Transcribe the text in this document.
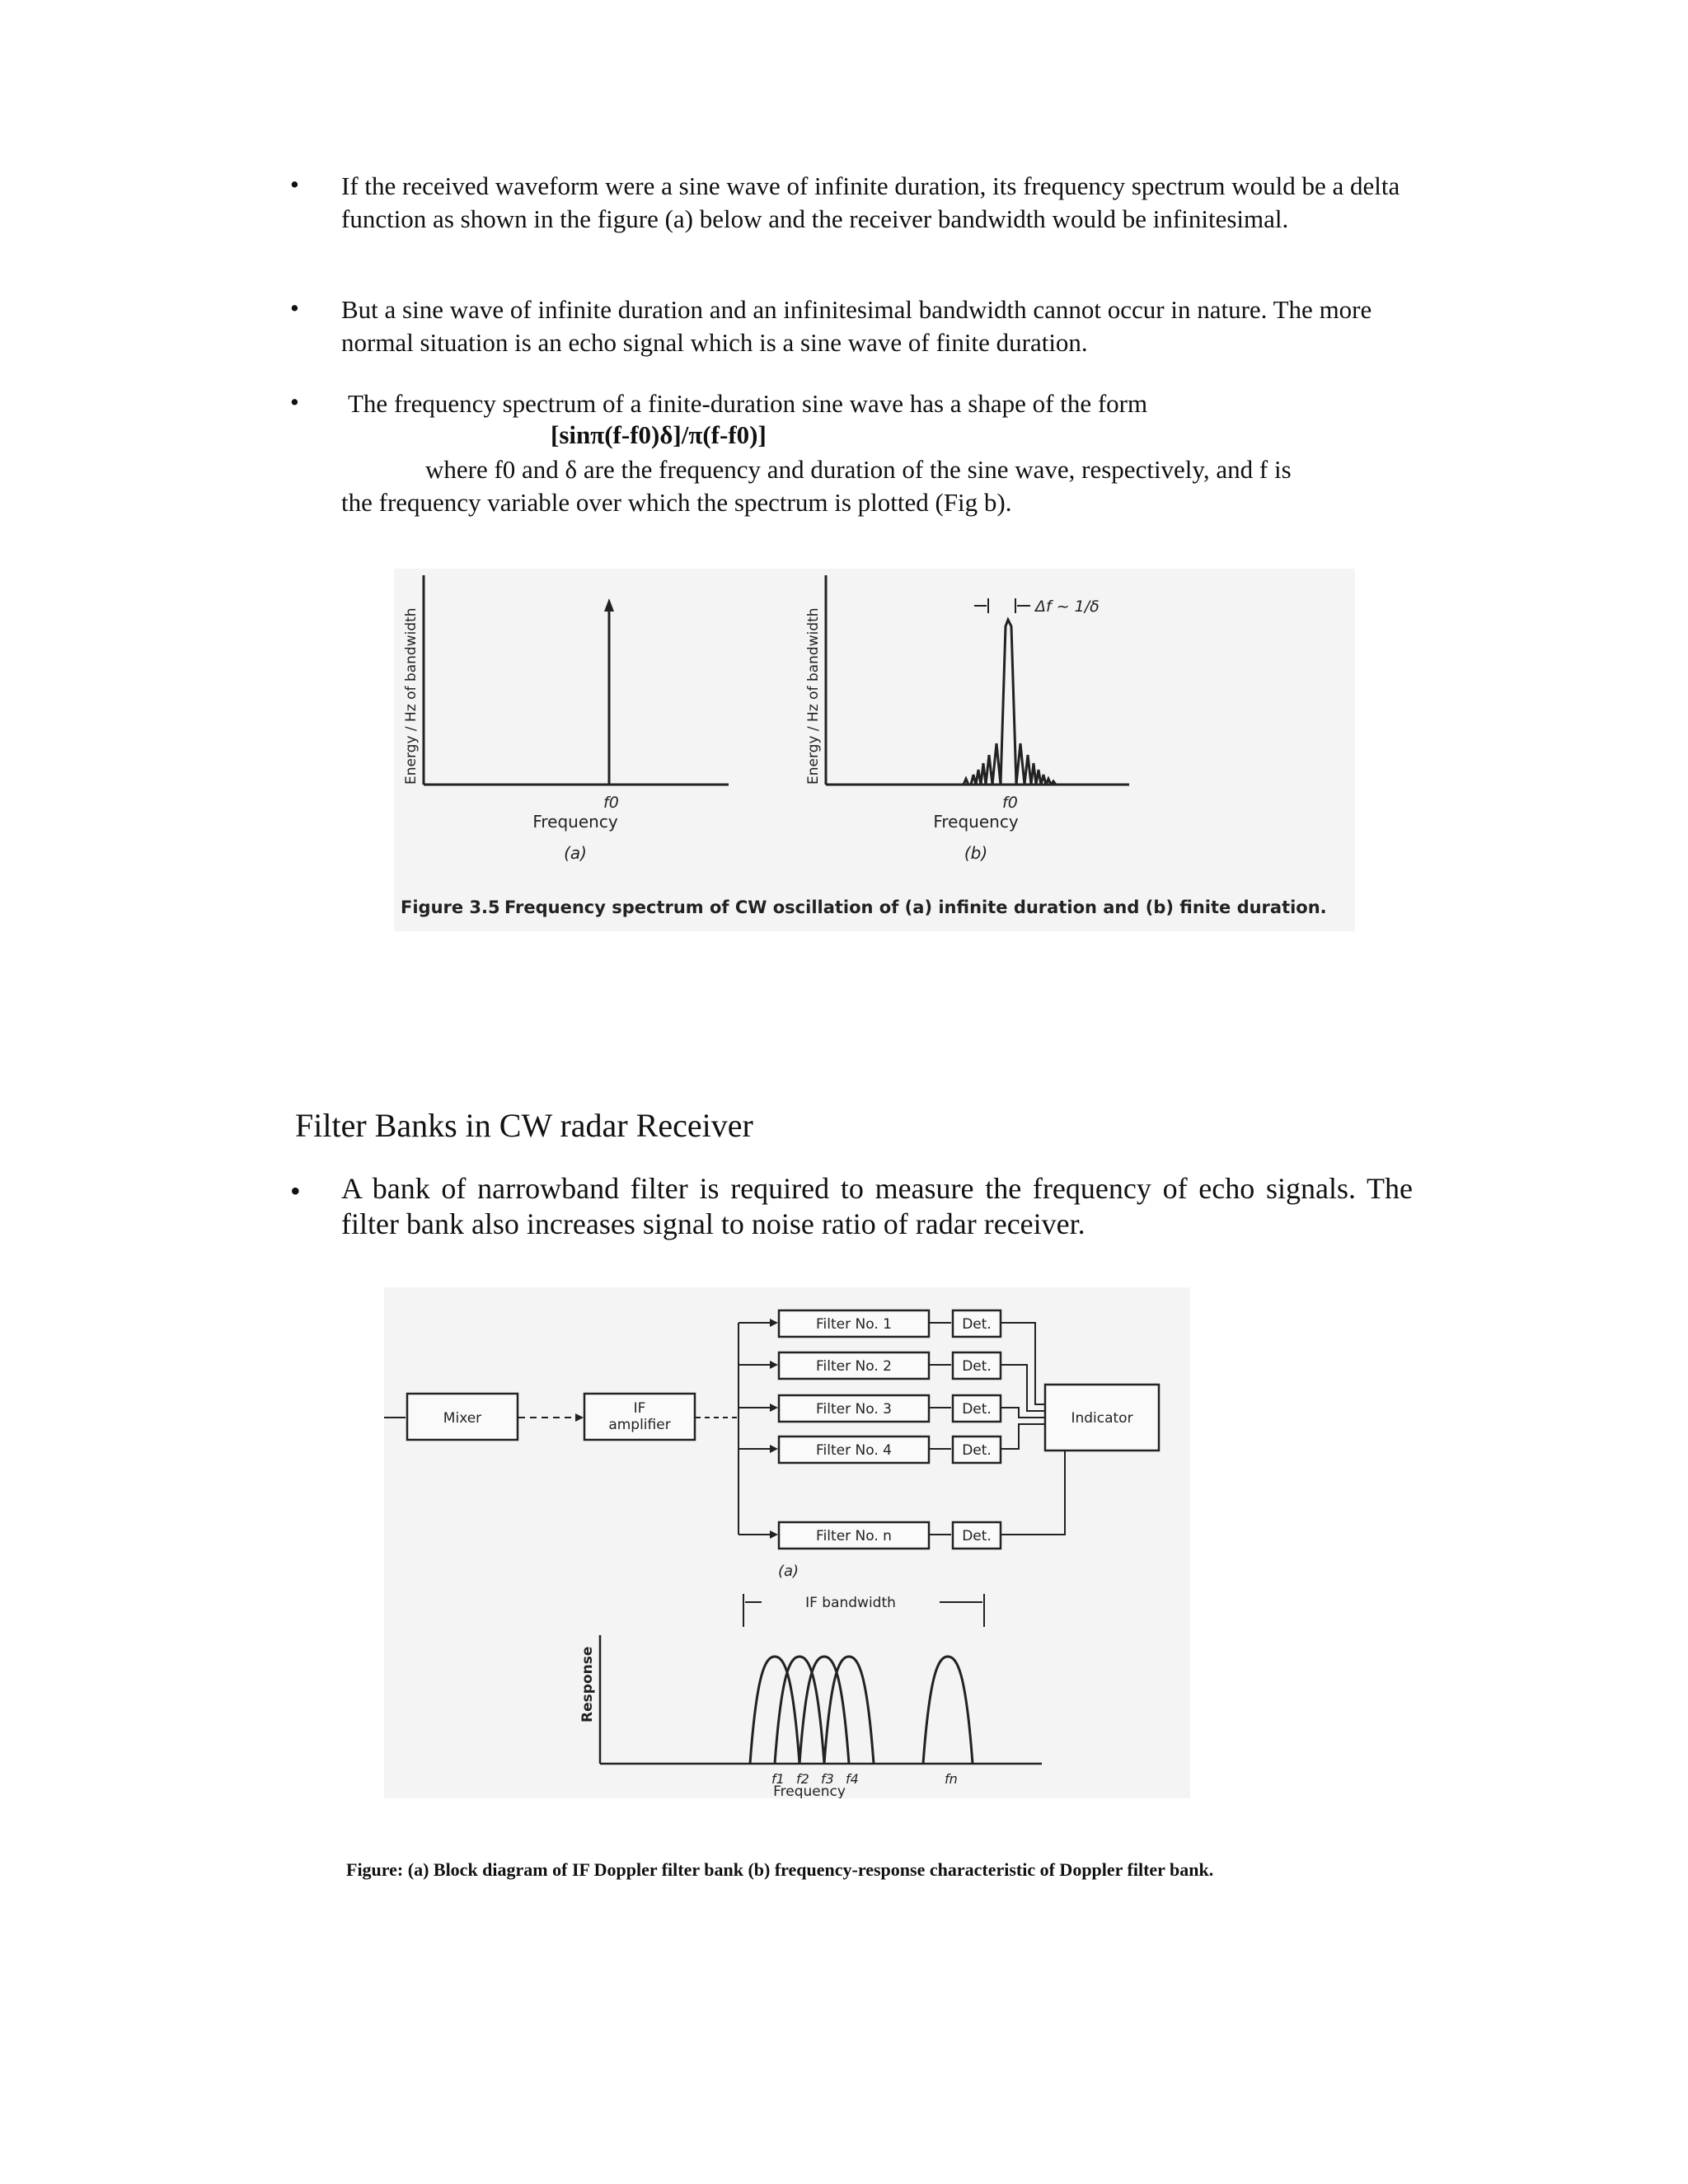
• If the received waveform were a sine wave of infinite duration, its frequency spectrum would be a delta function as shown in the figure (a) below and the receiver bandwidth would be infinitesimal.
• But a sine wave of infinite duration and an infinitesimal bandwidth cannot occur in nature. The more normal situation is an echo signal which is a sine wave of finite duration.
• The frequency spectrum of a finite-duration sine wave has a shape of the form
[sinπ(f-f0)δ]/π(f-f0)]
where f0 and δ are the frequency and duration of the sine wave, respectively, and f is
the frequency variable over which the spectrum is plotted (Fig b).
Energy / Hz of bandwidth
f0
Frequency
(a)
Energy / Hz of bandwidth
Δf ~ 1/δ
f0
Frequency
(b)
Figure 3.5 Frequency spectrum of CW oscillation of (a) infinite duration and (b) finite duration.
Filter Banks in CW radar Receiver
• A bank of narrowband filter is required to measure the frequency of echo signals. The filter bank also increases signal to noise ratio of radar receiver.
Mixer
IF
amplifier
Filter No. 1	Det.
Filter No. 2	Det.
Filter No. 3	Det.
Filter No. 4	Det.
Filter No. n	Det.
Indicator
(a)
IF bandwidth
Response
f1 f2 f3 f4	fn
Frequency
Figure: (a) Block diagram of IF Doppler filter bank (b) frequency-response characteristic of Doppler filter bank.
